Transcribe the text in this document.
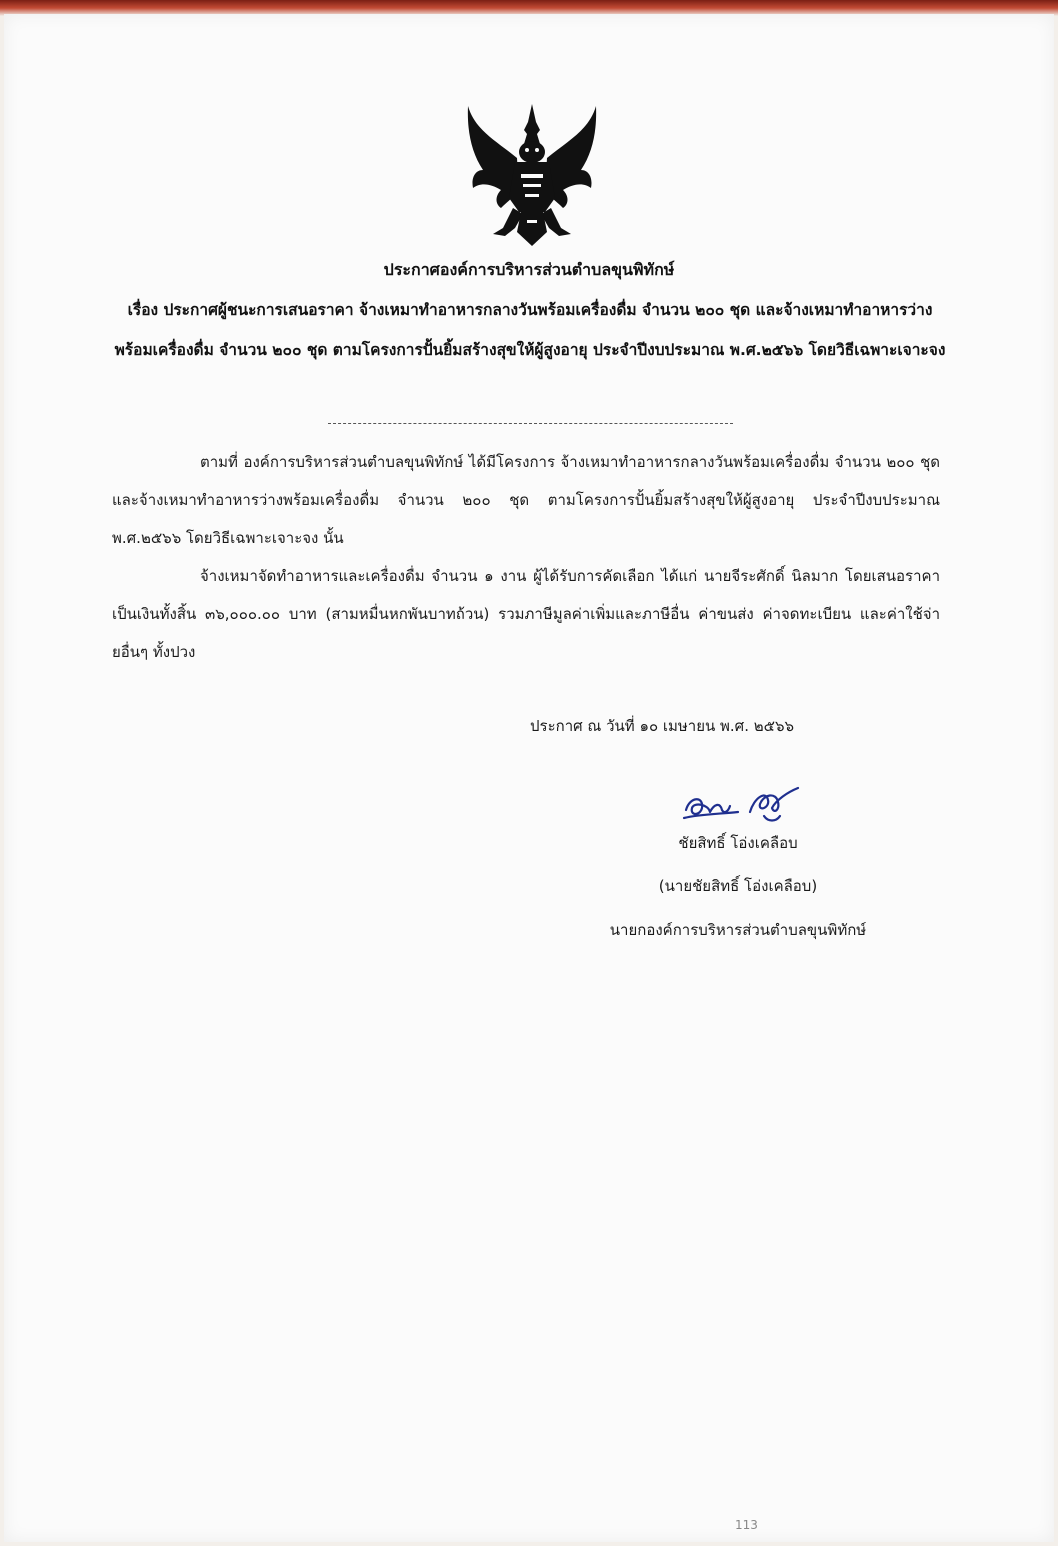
ประกาศองค์การบริหารส่วนตำบลขุนพิทักษ์
เรื่อง ประกาศผู้ชนะการเสนอราคา จ้างเหมาทำอาหารกลางวันพร้อมเครื่องดื่ม จำนวน ๒๐๐ ชุด และจ้างเหมาทำอาหารว่างพร้อมเครื่องดื่ม จำนวน ๒๐๐ ชุด ตามโครงการปั้นยิ้มสร้างสุขให้ผู้สูงอายุ ประจำปีงบประมาณ พ.ศ.๒๕๖๖ โดยวิธีเฉพาะเจาะจง
ตามที่ องค์การบริหารส่วนตำบลขุนพิทักษ์ ได้มีโครงการ จ้างเหมาทำอาหารกลางวันพร้อมเครื่องดื่ม จำนวน ๒๐๐ ชุด และจ้างเหมาทำอาหารว่างพร้อมเครื่องดื่ม จำนวน ๒๐๐ ชุด ตามโครงการปั้นยิ้มสร้างสุขให้ผู้สูงอายุ ประจำปีงบประมาณ พ.ศ.๒๕๖๖ โดยวิธีเฉพาะเจาะจง นั้น
จ้างเหมาจัดทำอาหารและเครื่องดื่ม จำนวน ๑ งาน ผู้ได้รับการคัดเลือก ได้แก่ นายจีระศักดิ์ นิลมาก โดยเสนอราคา เป็นเงินทั้งสิ้น ๓๖,๐๐๐.๐๐ บาท (สามหมื่นหกพันบาทถ้วน) รวมภาษีมูลค่าเพิ่มและภาษีอื่น ค่าขนส่ง ค่าจดทะเบียน และค่าใช้จ่ายอื่นๆ ทั้งปวง
ประกาศ ณ วันที่ ๑๐ เมษายน พ.ศ. ๒๕๖๖
ชัยสิทธิ์ โอ่งเคลือบ
(นายชัยสิทธิ์ โอ่งเคลือบ)
นายกองค์การบริหารส่วนตำบลขุนพิทักษ์
113
